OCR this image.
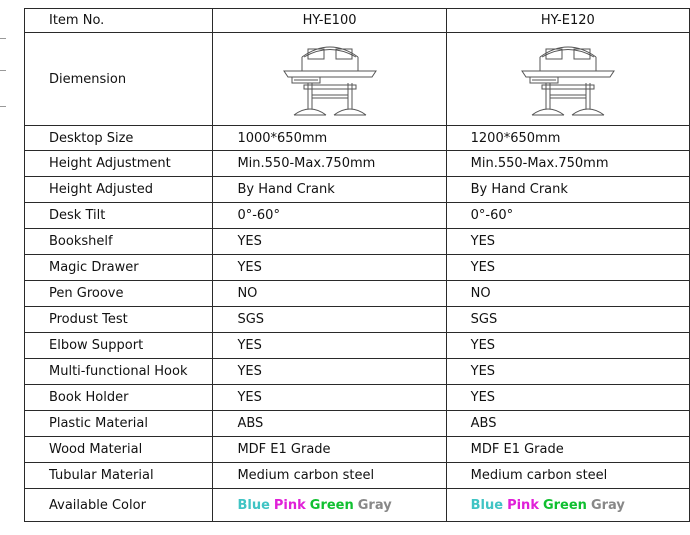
Item No.	HY-E100	HY-E120
Diemension	

Desktop Size	1000*650mm	1200*650mm
Height Adjustment	Min.550-Max.750mm	Min.550-Max.750mm
Height Adjusted	By Hand Crank	By Hand Crank
Desk Tilt	0°-60°	0°-60°
Bookshelf	YES	YES
Magic Drawer	YES	YES
Pen Groove	NO	NO
Produst Test	SGS	SGS
Elbow Support	YES	YES
Multi-functional Hook	YES	YES
Book Holder	YES	YES
Plastic Material	ABS	ABS
Wood Material	MDF E1 Grade	MDF E1 Grade
Tubular Material	Medium carbon steel	Medium carbon steel
Available Color	Blue Pink Green Gray	Blue Pink Green Gray
